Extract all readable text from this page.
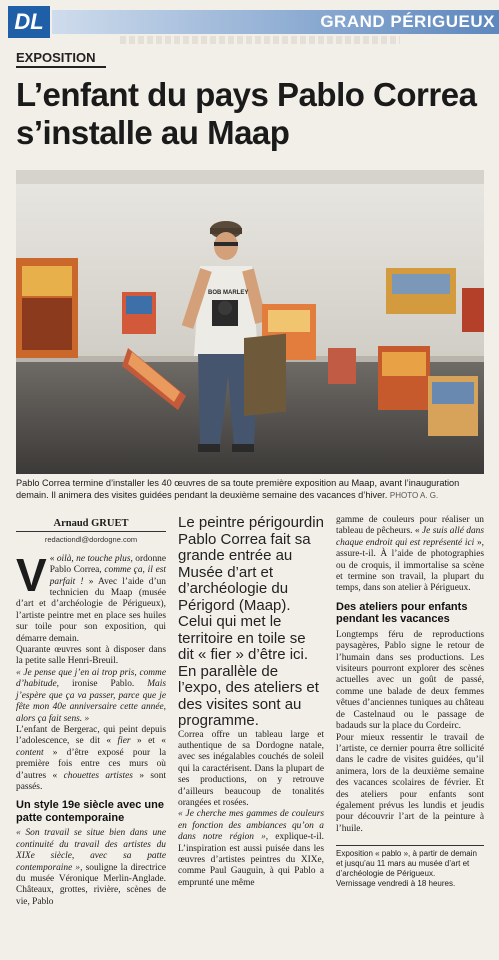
DL	GRAND PÉRIGUEUX
EXPOSITION
L’enfant du pays Pablo Correa s’installe au Maap
BOB MARLEY
Pablo Correa termine d’installer les 40 œuvres de sa toute première exposition au Maap, avant l’inauguration demain. Il animera des visites guidées pendant la deuxième semaine des vacances d’hiver. PHOTO A. G.
Arnaud GRUET
redactiondl@dordogne.com

V « oilà, ne touche plus, ordonne Pablo Correa, comme ça, il est parfait ! » Avec l’aide d’un technicien du Maap (musée d’art et d’archéologie de Périgueux), l’artiste peintre met en place ses huiles sur toile pour son exposition, qui démarre demain.

Quarante œuvres sont à disposer dans la petite salle Henri-Breuil.

« Je pense que j’en ai trop pris, comme d’habitude, ironise Pablo. Mais j’espère que ça va passer, parce que je fête mon 40e anniversaire cette année, alors ça fait sens. »

L’enfant de Bergerac, qui peint depuis l’adolescence, se dit « fier » et « content » d’être exposé pour la première fois entre ces murs où d’autres « chouettes artistes » sont passés.

Un style 19e siècle avec une patte contemporaine

« Son travail se situe bien dans une continuité du travail des artistes du XIXe siècle, avec sa patte contemporaine », souligne la directrice du musée Véronique Merlin-Anglade. Châteaux, grottes, rivière, scènes de vie, Pablo

Le peintre périgourdin Pablo Correa fait sa grande entrée au Musée d’art et d’archéologie du Périgord (Maap). Celui qui met le territoire en toile se dit « fier » d’être ici. En parallèle de l’expo, des ateliers et des visites sont au programme.

Correa offre un tableau large et authentique de sa Dordogne natale, avec ses inégalables couchés de soleil qui la caractérisent. Dans la plupart de ses productions, on y retrouve d’ailleurs beaucoup de tonalités orangées et rosées.

« Je cherche mes gammes de couleurs en fonction des ambiances qu’on a dans notre région », explique-t-il. L’inspiration est aussi puisée dans les œuvres d’artistes peintres du XIXe, comme Paul Gauguin, à qui Pablo a emprunté une même

gamme de couleurs pour réaliser un tableau de pêcheurs. « Je suis allé dans chaque endroit qui est représenté ici », assure-t-il. À l’aide de photographies ou de croquis, il immortalise sa scène et termine son travail, la plupart du temps, dans son atelier à Périgueux.

Des ateliers pour enfants pendant les vacances

Longtemps féru de reproductions paysagères, Pablo signe le retour de l’humain dans ses productions. Les visiteurs pourront explorer des scènes actuelles avec un goût de passé, comme une balade de deux femmes vêtues d’anciennes tuniques au château de Castelnaud ou le passage de badauds sur la place du Cordeirc.

Pour mieux ressentir le travail de l’artiste, ce dernier pourra être sollicité dans le cadre de visites guidées, qu’il animera, lors de la deuxième semaine des vacances scolaires de février. Et des ateliers pour enfants sont également prévus les lundis et jeudis pour découvrir l’art de la peinture à l’huile.

Exposition « pablo », à partir de demain et jusqu’au 11 mars au musée d’art et d’archéologie de Périgueux.
Vernissage vendredi à 18 heures.
